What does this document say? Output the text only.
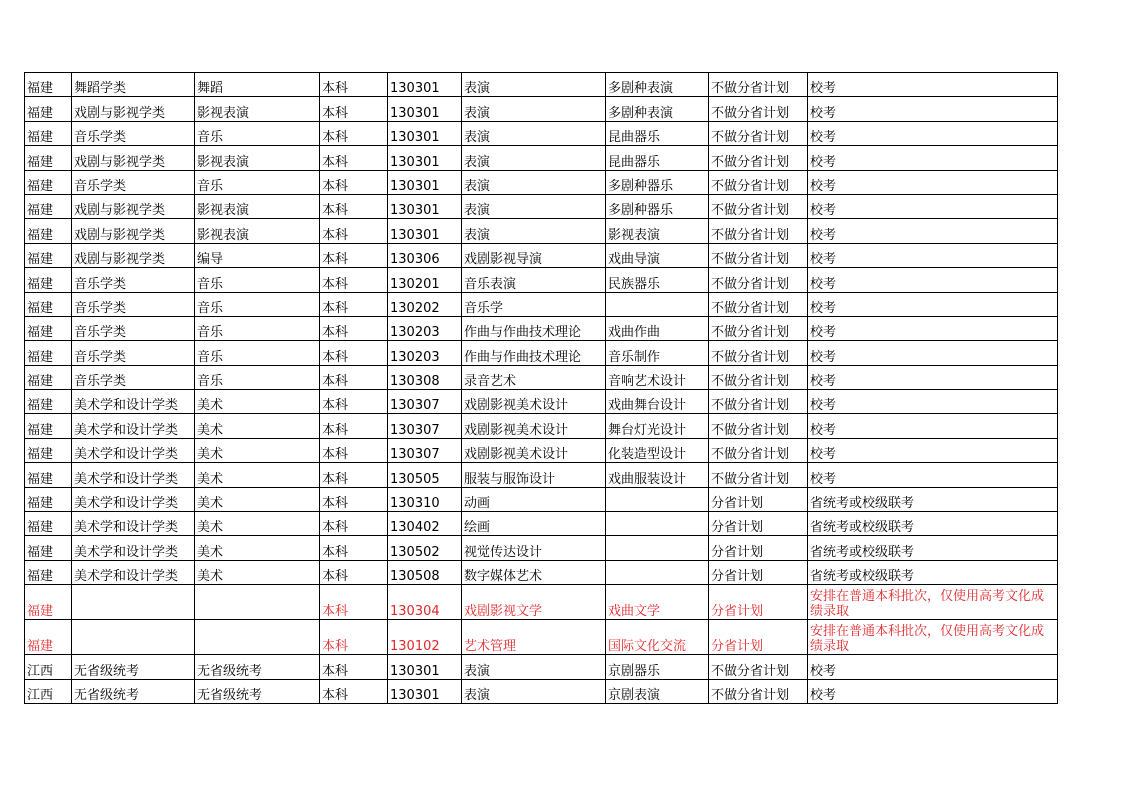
福建	舞蹈学类	舞蹈	本科	130301	表演	多剧种表演	不做分省计划	校考
福建	戏剧与影视学类	影视表演	本科	130301	表演	多剧种表演	不做分省计划	校考
福建	音乐学类	音乐	本科	130301	表演	昆曲器乐	不做分省计划	校考
福建	戏剧与影视学类	影视表演	本科	130301	表演	昆曲器乐	不做分省计划	校考
福建	音乐学类	音乐	本科	130301	表演	多剧种器乐	不做分省计划	校考
福建	戏剧与影视学类	影视表演	本科	130301	表演	多剧种器乐	不做分省计划	校考
福建	戏剧与影视学类	影视表演	本科	130301	表演	影视表演	不做分省计划	校考
福建	戏剧与影视学类	编导	本科	130306	戏剧影视导演	戏曲导演	不做分省计划	校考
福建	音乐学类	音乐	本科	130201	音乐表演	民族器乐	不做分省计划	校考
福建	音乐学类	音乐	本科	130202	音乐学		不做分省计划	校考
福建	音乐学类	音乐	本科	130203	作曲与作曲技术理论	戏曲作曲	不做分省计划	校考
福建	音乐学类	音乐	本科	130203	作曲与作曲技术理论	音乐制作	不做分省计划	校考
福建	音乐学类	音乐	本科	130308	录音艺术	音响艺术设计	不做分省计划	校考
福建	美术学和设计学类	美术	本科	130307	戏剧影视美术设计	戏曲舞台设计	不做分省计划	校考
福建	美术学和设计学类	美术	本科	130307	戏剧影视美术设计	舞台灯光设计	不做分省计划	校考
福建	美术学和设计学类	美术	本科	130307	戏剧影视美术设计	化装造型设计	不做分省计划	校考
福建	美术学和设计学类	美术	本科	130505	服装与服饰设计	戏曲服装设计	不做分省计划	校考
福建	美术学和设计学类	美术	本科	130310	动画		分省计划	省统考或校级联考
福建	美术学和设计学类	美术	本科	130402	绘画		分省计划	省统考或校级联考
福建	美术学和设计学类	美术	本科	130502	视觉传达设计		分省计划	省统考或校级联考
福建	美术学和设计学类	美术	本科	130508	数字媒体艺术		分省计划	省统考或校级联考
福建			本科	130304	戏剧影视文学	戏曲文学	分省计划	安排在普通本科批次，仅使用高考文化成绩录取
福建			本科	130102	艺术管理	国际文化交流	分省计划	安排在普通本科批次，仅使用高考文化成绩录取
江西	无省级统考	无省级统考	本科	130301	表演	京剧器乐	不做分省计划	校考
江西	无省级统考	无省级统考	本科	130301	表演	京剧表演	不做分省计划	校考
